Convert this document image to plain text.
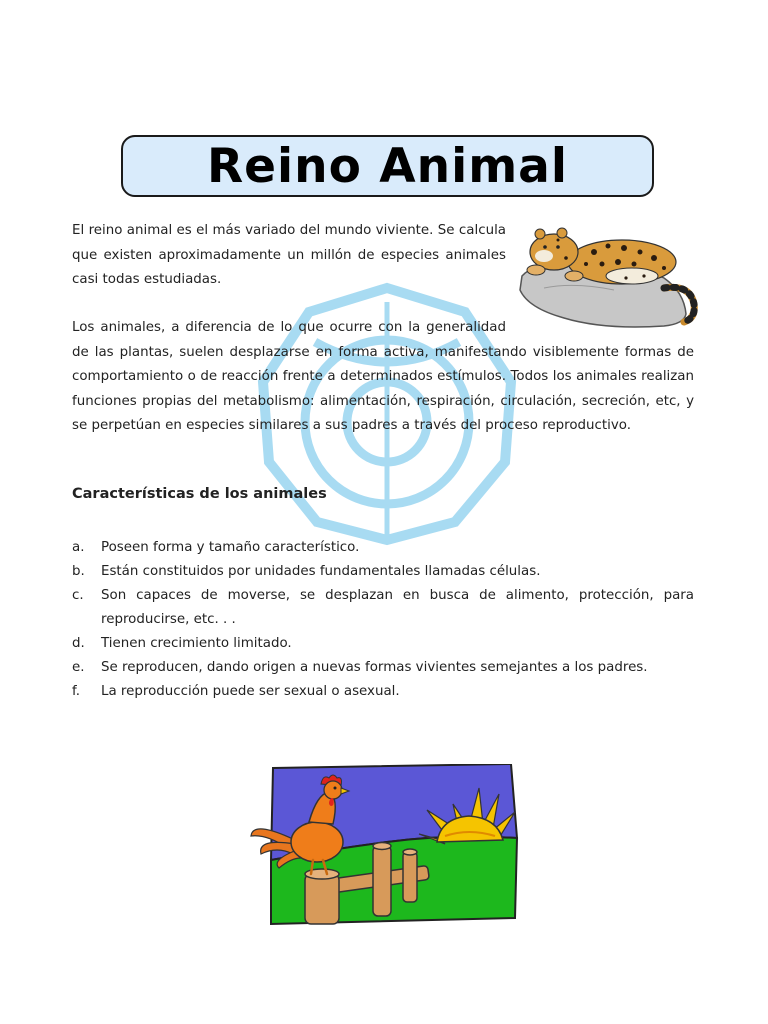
Reino Animal

El reino animal es el más variado del mundo viviente. Se calcula que existen aproximadamente un millón de especies animales casi todas estudiadas.

Los animales, a diferencia de lo que ocurre con la generalidad

de las plantas, suelen desplazarse en forma activa, manifestando visiblemente formas de comportamiento o de reacción frente a determinados estímulos. Todos los animales realizan funciones propias del metabolismo: alimentación, respiración, circulación, secreción, etc, y se perpetúan en especies similares a sus padres a través del proceso reproductivo.

Características de los animales

a.	Poseen forma y tamaño característico.
b.	Están constituidos por unidades fundamentales llamadas células.
c.	Son capaces de moverse, se desplazan en busca de alimento, protección, para reproducirse, etc. . .
d.	Tienen crecimiento limitado.
e.	Se reproducen, dando origen a nuevas formas vivientes semejantes a los padres.
f.	La reproducción puede ser sexual o asexual.
